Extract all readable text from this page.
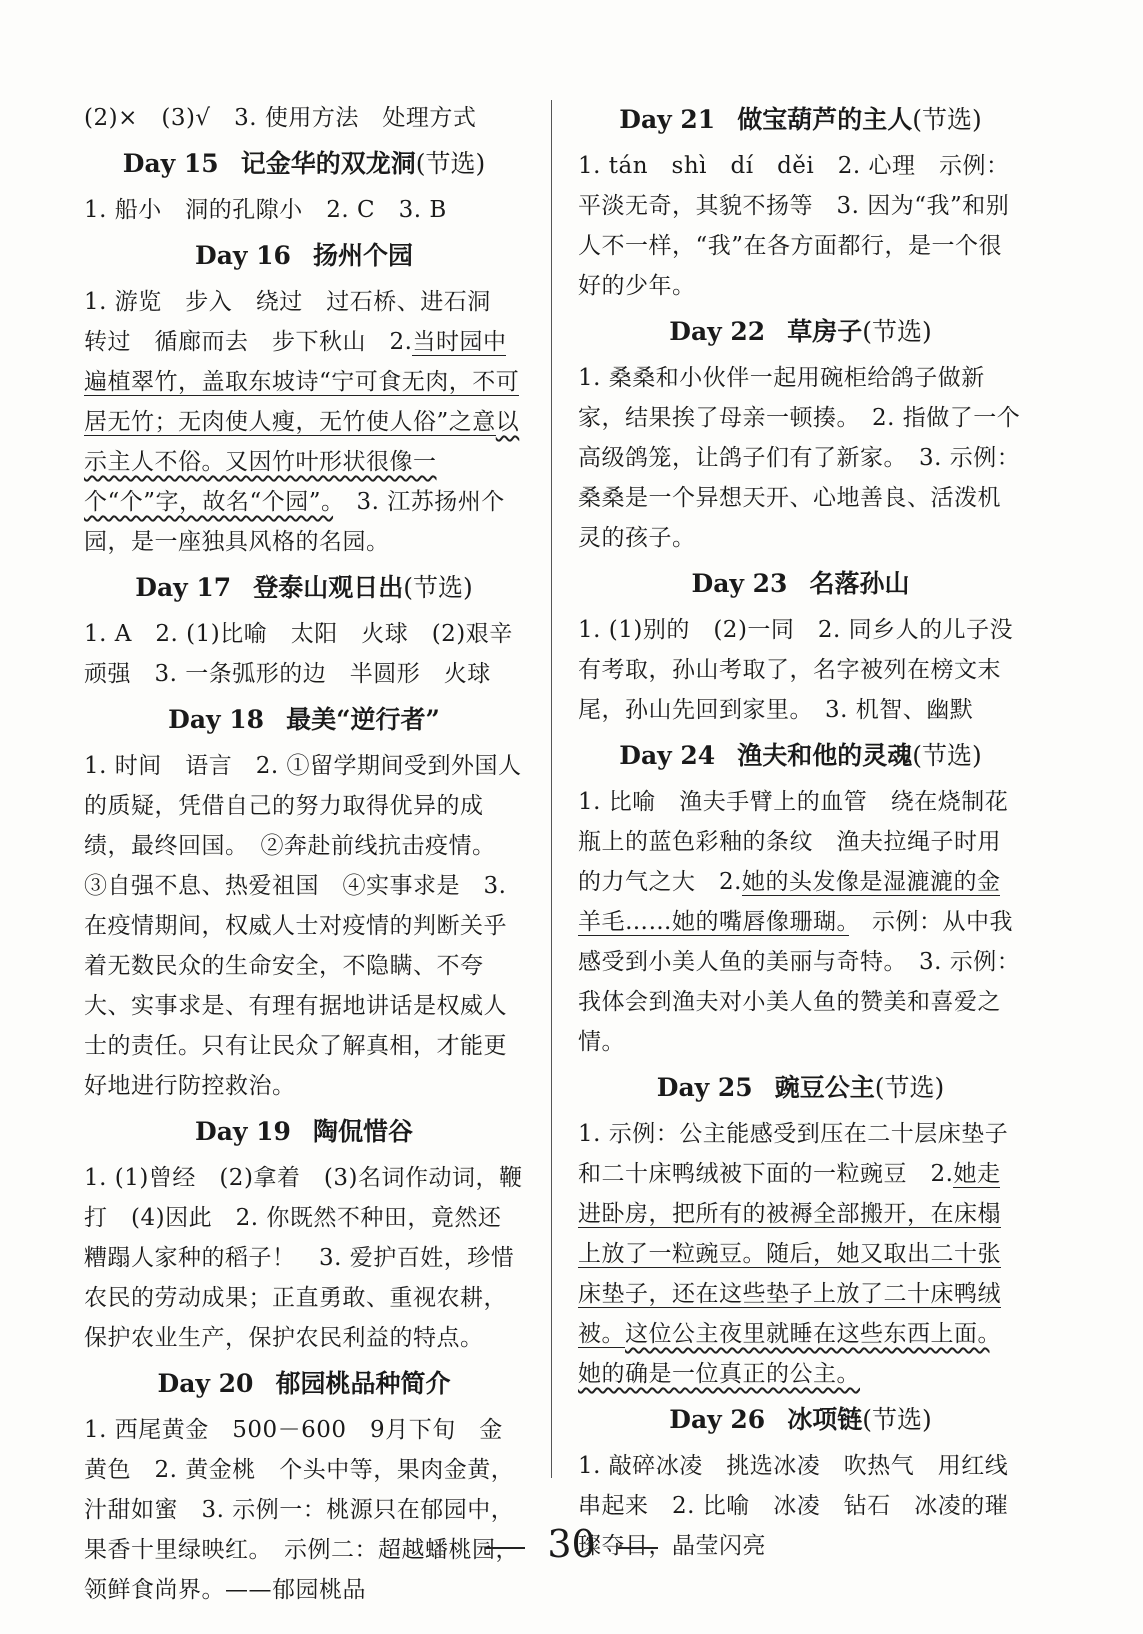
(2)×　(3)√　3. 使用方法　处理方式
Day 15 记金华的双龙洞(节选)
1. 船小　洞的孔隙小　2. C　3. B
Day 16 扬州个园
1. 游览　步入　绕过　过石桥、进石洞　转过　循廊而去　步下秋山　2.当时园中遍植翠竹，盖取东坡诗“宁可食无肉，不可居无竹；无肉使人瘦，无竹使人俗”之意以示主人不俗。又因竹叶形状很像一个“个”字，故名“个园”。　 3. 江苏扬州个园，是一座独具风格的名园。
Day 17 登泰山观日出(节选)
1. A　2. (1)比喻　太阳　火球　(2)艰辛　顽强　3. 一条弧形的边　半圆形　火球
Day 18 最美“逆行者”
1. 时间　语言　2. ①留学期间受到外国人的质疑，凭借自己的努力取得优异的成绩，最终回国。　②奔赴前线抗击疫情。　③自强不息、热爱祖国　④实事求是　3. 在疫情期间，权威人士对疫情的判断关乎着无数民众的生命安全，不隐瞒、不夸大、实事求是、有理有据地讲话是权威人士的责任。只有让民众了解真相，才能更好地进行防控救治。
Day 19 陶侃惜谷
1. (1)曾经　(2)拿着　(3)名词作动词，鞭打　(4)因此　2. 你既然不种田，竟然还糟蹋人家种的稻子！　3. 爱护百姓，珍惜农民的劳动成果；正直勇敢、重视农耕，保护农业生产，保护农民利益的特点。
Day 20 郁园桃品种简介
1. 西尾黄金　500－600　9月下旬　金黄色　2. 黄金桃　个头中等，果肉金黄，汁甜如蜜　3. 示例一：桃源只在郁园中，果香十里绿映红。　示例二：超越蟠桃园，领鲜食尚界。——郁园桃品
Day 21 做宝葫芦的主人(节选)
1. tán　shì　dí　děi　2. 心理　示例：平淡无奇，其貌不扬等　3. 因为“我”和别人不一样，“我”在各方面都行，是一个很好的少年。
Day 22 草房子(节选)
1. 桑桑和小伙伴一起用碗柜给鸽子做新家，结果挨了母亲一顿揍。　2. 指做了一个高级鸽笼，让鸽子们有了新家。　3. 示例：桑桑是一个异想天开、心地善良、活泼机灵的孩子。
Day 23 名落孙山
1. (1)别的　(2)一同　2. 同乡人的儿子没有考取，孙山考取了，名字被列在榜文末尾，孙山先回到家里。　3. 机智、幽默
Day 24 渔夫和他的灵魂(节选)
1. 比喻　渔夫手臂上的血管　绕在烧制花瓶上的蓝色彩釉的条纹　渔夫拉绳子时用的力气之大　2.她的头发像是湿漉漉的金羊毛……她的嘴唇像珊瑚。　 示例：从中我感受到小美人鱼的美丽与奇特。　3. 示例：我体会到渔夫对小美人鱼的赞美和喜爱之情。
Day 25 豌豆公主(节选)
1. 示例：公主能感受到压在二十层床垫子和二十床鸭绒被下面的一粒豌豆　2.她走进卧房，把所有的被褥全部搬开，在床榻上放了一粒豌豆。随后，她又取出二十张床垫子，还在这些垫子上放了二十床鸭绒被。这位公主夜里就睡在这些东西上面。　她的确是一位真正的公主。
Day 26 冰项链(节选)
1. 敲碎冰凌　挑选冰凌　吹热气　用红线串起来　2. 比喻　冰凌　钻石　冰凌的璀璨夺目，晶莹闪亮
30
